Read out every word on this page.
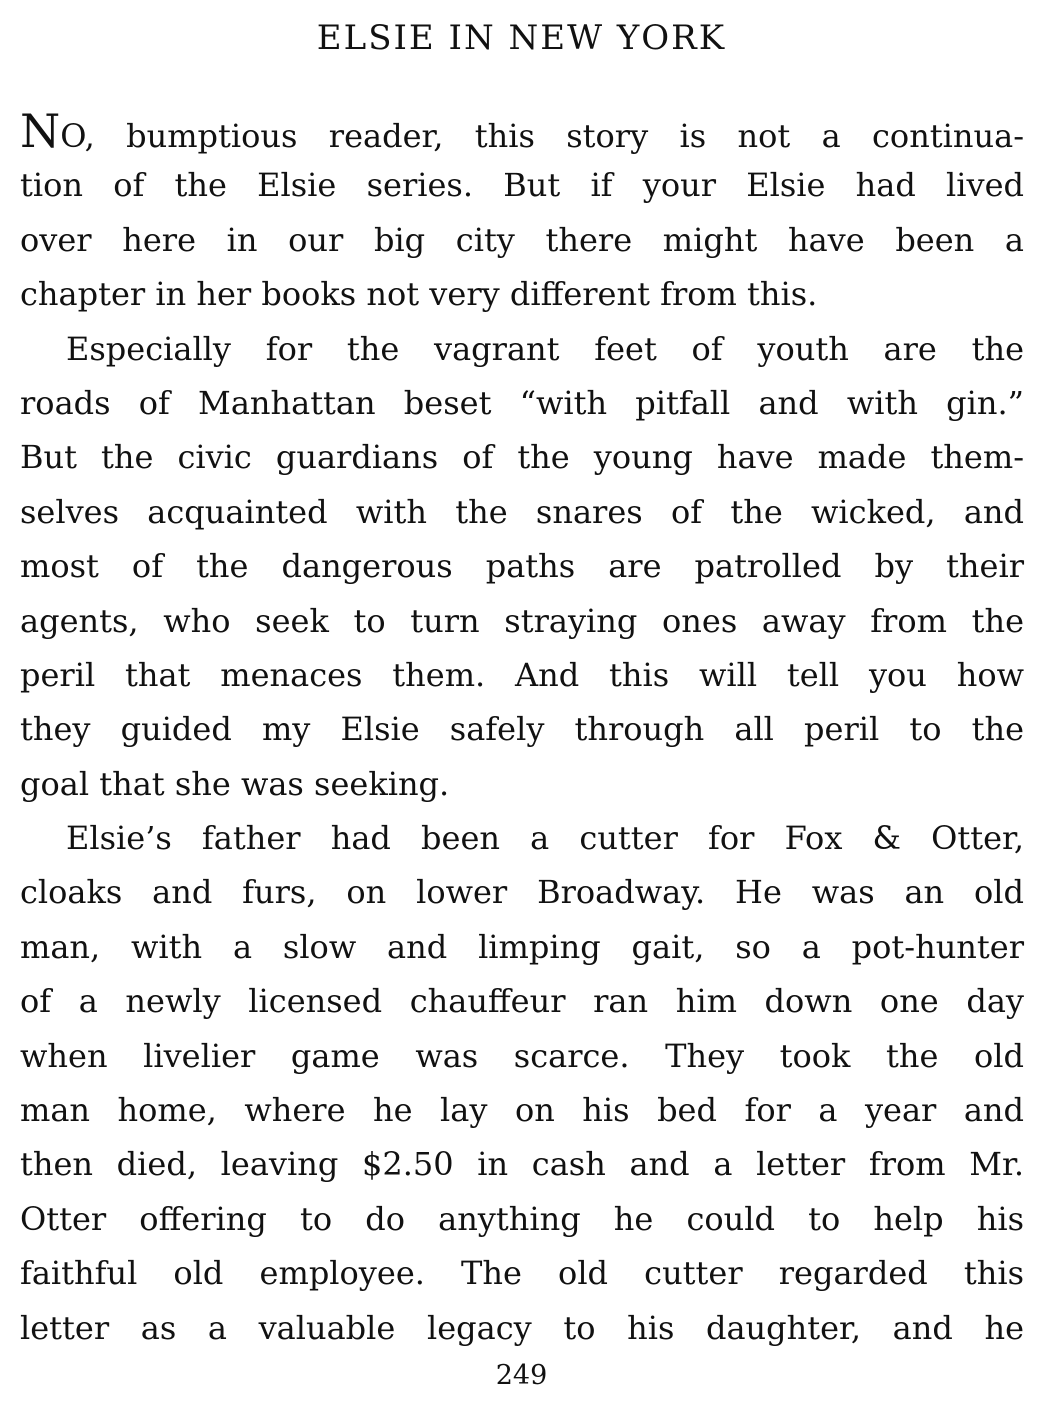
ELSIE IN NEW YORK
NO, bumptious reader, this story is not a continua-
tion of the Elsie series. But if your Elsie had lived
over here in our big city there might have been a
chapter in her books not very different from this.
Especially for the vagrant feet of youth are the
roads of Manhattan beset “with pitfall and with gin.”
But the civic guardians of the young have made them-
selves acquainted with the snares of the wicked, and
most of the dangerous paths are patrolled by their
agents, who seek to turn straying ones away from the
peril that menaces them. And this will tell you how
they guided my Elsie safely through all peril to the
goal that she was seeking.
Elsie’s father had been a cutter for Fox & Otter,
cloaks and furs, on lower Broadway. He was an old
man, with a slow and limping gait, so a pot-hunter
of a newly licensed chauffeur ran him down one day
when livelier game was scarce. They took the old
man home, where he lay on his bed for a year and
then died, leaving $2.50 in cash and a letter from Mr.
Otter offering to do anything he could to help his
faithful old employee. The old cutter regarded this
letter as a valuable legacy to his daughter, and he
249
